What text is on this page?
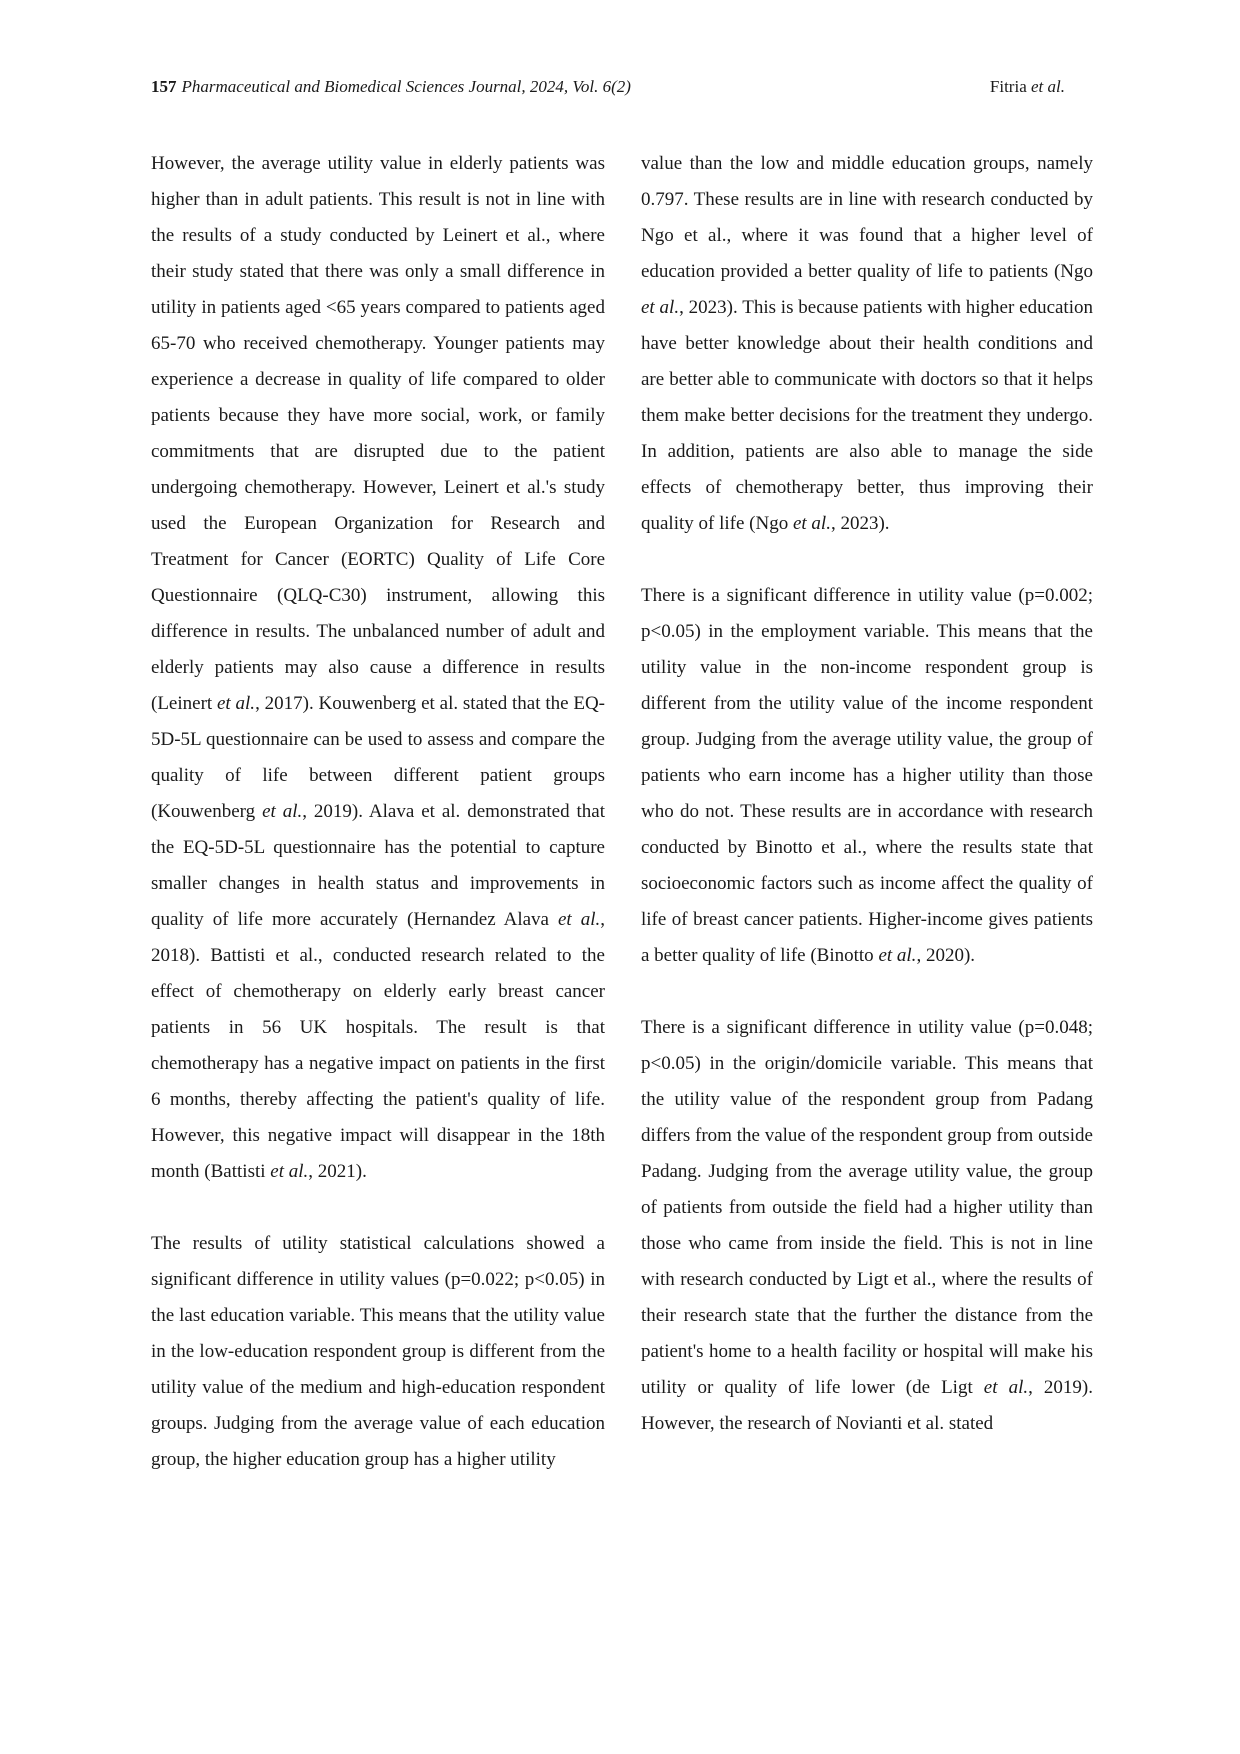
157 Pharmaceutical and Biomedical Sciences Journal, 2024, Vol. 6(2)	Fitria et al.

However, the average utility value in elderly patients was higher than in adult patients. This result is not in line with the results of a study conducted by Leinert et al., where their study stated that there was only a small difference in utility in patients aged <65 years compared to patients aged 65-70 who received chemotherapy. Younger patients may experience a decrease in quality of life compared to older patients because they have more social, work, or family commitments that are disrupted due to the patient undergoing chemotherapy. However, Leinert et al.'s study used the European Organization for Research and Treatment for Cancer (EORTC) Quality of Life Core Questionnaire (QLQ-C30) instrument, allowing this difference in results. The unbalanced number of adult and elderly patients may also cause a difference in results (Leinert et al., 2017). Kouwenberg et al. stated that the EQ-5D-5L questionnaire can be used to assess and compare the quality of life between different patient groups (Kouwenberg et al., 2019). Alava et al. demonstrated that the EQ-5D-5L questionnaire has the potential to capture smaller changes in health status and improvements in quality of life more accurately (Hernandez Alava et al., 2018). Battisti et al., conducted research related to the effect of chemotherapy on elderly early breast cancer patients in 56 UK hospitals. The result is that chemotherapy has a negative impact on patients in the first 6 months, thereby affecting the patient's quality of life. However, this negative impact will disappear in the 18th month (Battisti et al., 2021).

The results of utility statistical calculations showed a significant difference in utility values (p=0.022; p<0.05) in the last education variable. This means that the utility value in the low-education respondent group is different from the utility value of the medium and high-education respondent groups. Judging from the average value of each education group, the higher education group has a higher utility

value than the low and middle education groups, namely 0.797. These results are in line with research conducted by Ngo et al., where it was found that a higher level of education provided a better quality of life to patients (Ngo et al., 2023). This is because patients with higher education have better knowledge about their health conditions and are better able to communicate with doctors so that it helps them make better decisions for the treatment they undergo. In addition, patients are also able to manage the side effects of chemotherapy better, thus improving their quality of life (Ngo et al., 2023).

There is a significant difference in utility value (p=0.002; p<0.05) in the employment variable. This means that the utility value in the non-income respondent group is different from the utility value of the income respondent group. Judging from the average utility value, the group of patients who earn income has a higher utility than those who do not. These results are in accordance with research conducted by Binotto et al., where the results state that socioeconomic factors such as income affect the quality of life of breast cancer patients. Higher-income gives patients a better quality of life (Binotto et al., 2020).

There is a significant difference in utility value (p=0.048; p<0.05) in the origin/domicile variable. This means that the utility value of the respondent group from Padang differs from the value of the respondent group from outside Padang. Judging from the average utility value, the group of patients from outside the field had a higher utility than those who came from inside the field. This is not in line with research conducted by Ligt et al., where the results of their research state that the further the distance from the patient's home to a health facility or hospital will make his utility or quality of life lower (de Ligt et al., 2019). However, the research of Novianti et al. stated
